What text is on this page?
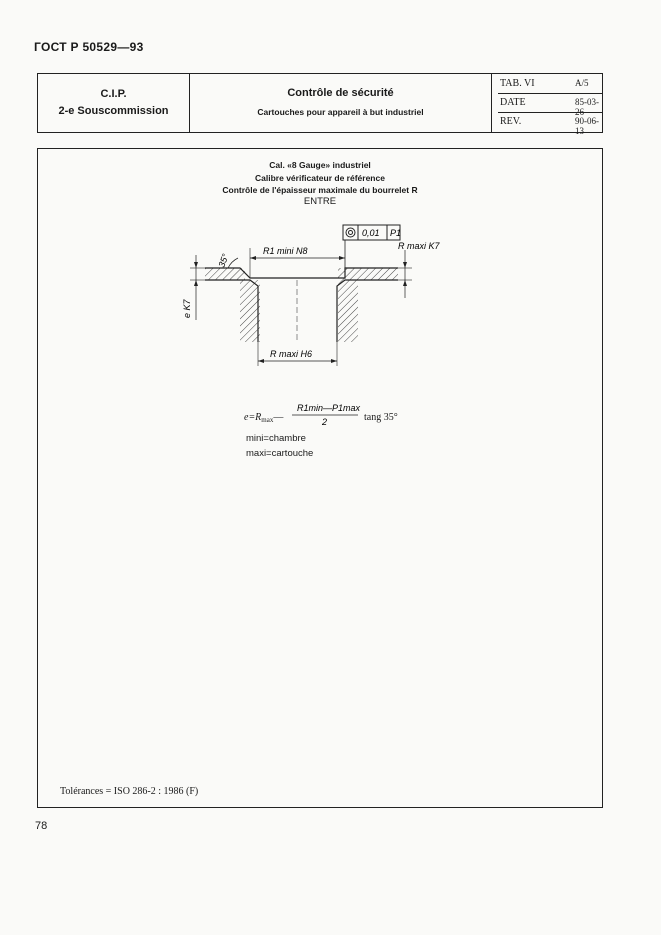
ГОСТ Р 50529—93
C.I.P.
2-e Souscommission
Contrôle de sécurité
Cartouches pour appareil à but industriel
TAB. VI	A/5
DATE	85-03-26
REV.	90-06-13
Cal. «8 Gauge» industriel
Calibre vérificateur de référence
Contrôle de l'épaisseur maximale du bourrelet R
ENTRE
0,01 P1
R1 mini N8	R maxi K7
e K7
35°
R maxi H6
R1min—P1max
2
$e=R_{max}—$	tang 35°
mini=chambre
maxi=cartouche
Tolérances = ISO 286-2 : 1986 (F)
78
